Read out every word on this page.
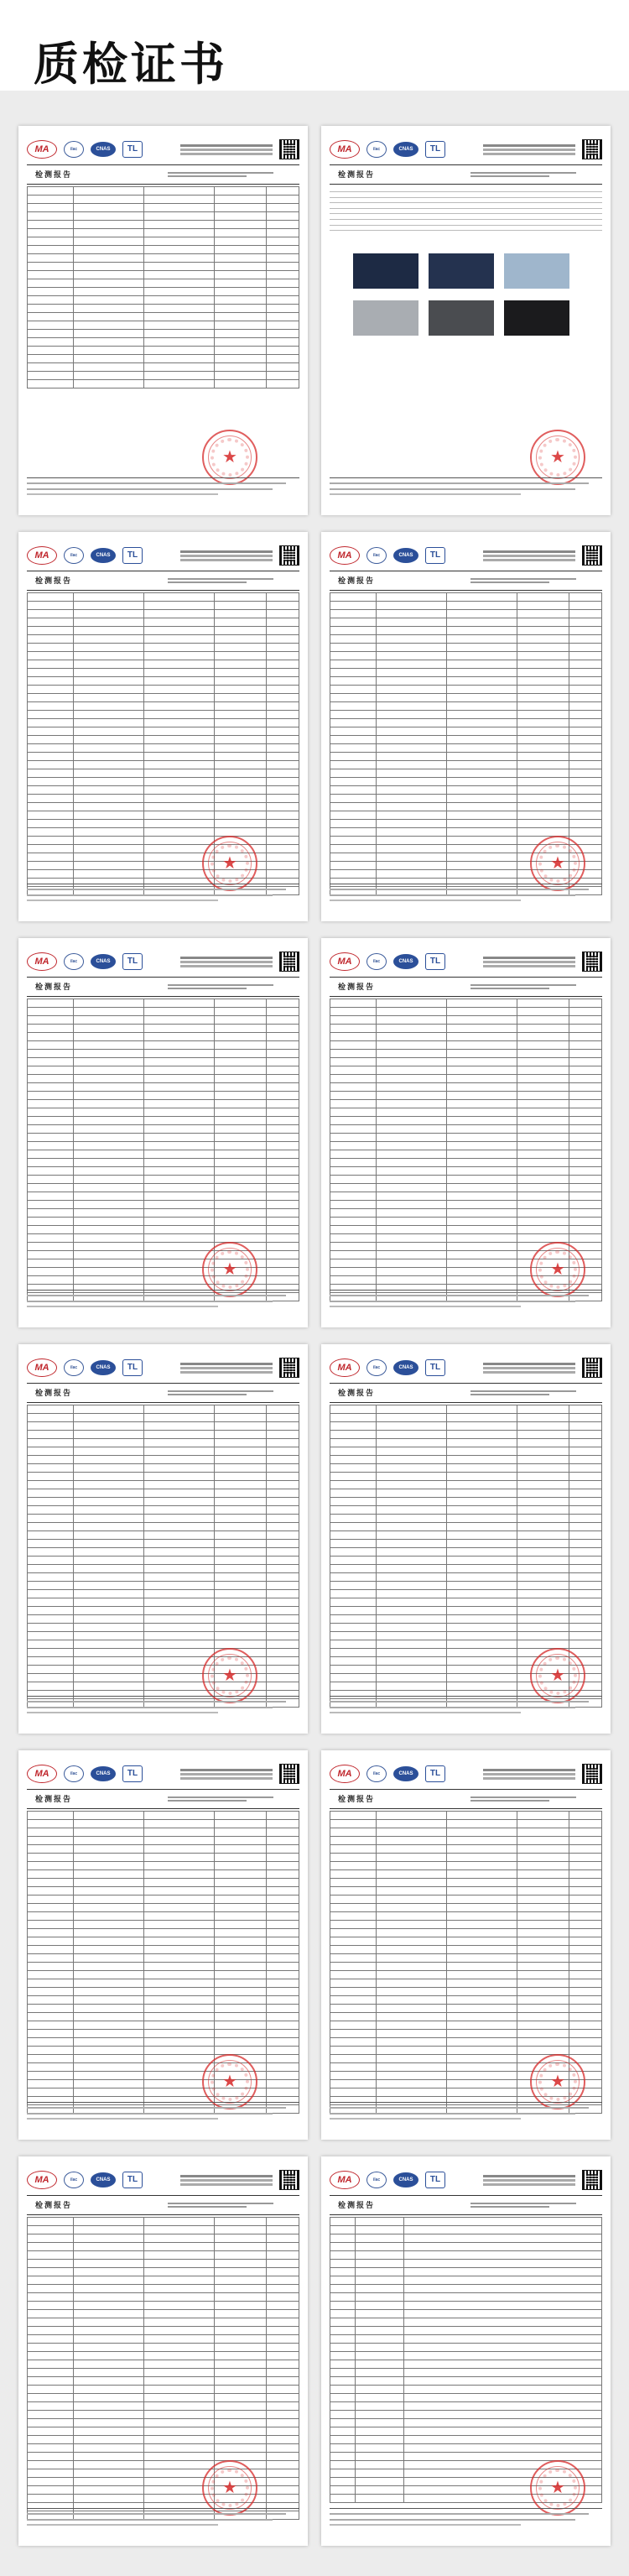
质检证书
MA	ilac	CNAS	TL
检测报告

★
MA	ilac	CNAS	TL
检测报告
★
MA	ilac	CNAS	TL
检测报告

★
MA	ilac	CNAS	TL
检测报告

★
MA	ilac	CNAS	TL
检测报告

★
MA	ilac	CNAS	TL
检测报告

★
MA	ilac	CNAS	TL
检测报告

★
MA	ilac	CNAS	TL
检测报告

★
MA	ilac	CNAS	TL
检测报告

★
MA	ilac	CNAS	TL
检测报告

★
MA	ilac	CNAS	TL
检测报告

★
MA	ilac	CNAS	TL
检测报告

★
